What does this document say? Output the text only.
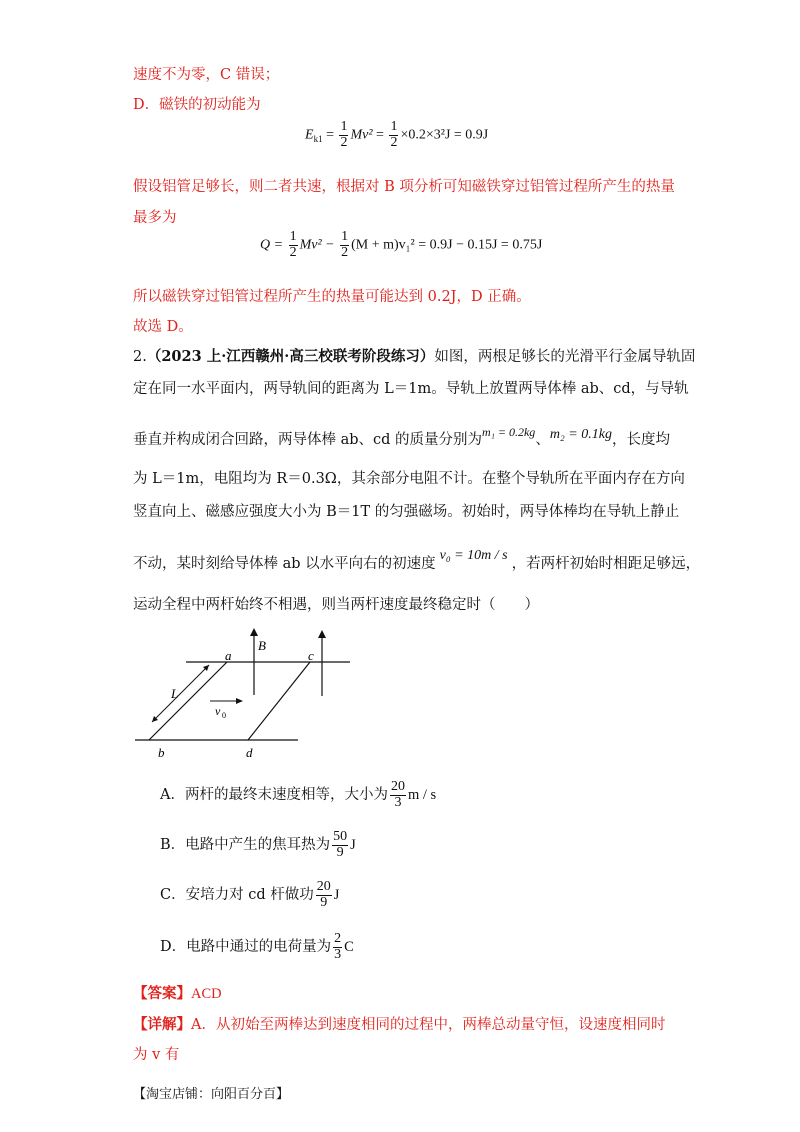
速度不为零，C 错误；
D．磁铁的初动能为
$E_{k1} = \frac{1}{2} Mv^2 = \frac{1}{2} \times 0.2\times 3^2J = 0.9J$
假设铝管足够长，则二者共速，根据对 B 项分析可知磁铁穿过铝管过程所产生的热量
最多为
$Q = \frac{1}{2} Mv^2 - \frac{1}{2} (M + m)v_1^2 = 0.9J - 0.15J = 0.75J$
所以磁铁穿过铝管过程所产生的热量可能达到 0.2J，D 正确。
故选 D。
2.（2023 上·江西赣州·高三校联考阶段练习）如图，两根足够长的光滑平行金属导轨固
定在同一水平面内，两导轨间的距离为 L＝1m。导轨上放置两导体棒 ab、cd，与导轨
垂直并构成闭合回路，两导体棒 ab、cd 的质量分别为$^{m_1 = 0.2kg}$、m₂ = 0.1kg，长度均
为 L＝1m，电阻均为 R＝0.3Ω，其余部分电阻不计。在整个导轨所在平面内存在方向
竖直向上、磁感应强度大小为 B＝1T 的匀强磁场。初始时，两导体棒均在导轨上静止
不动，某时刻给导体棒 ab 以水平向右的初速度v₀ = 10m / s，若两杆初始时相距足够远，
运动全程中两杆始终不相遇，则当两杆速度最终稳定时（　　）
a
b
c
d
B
L
v 0
A．两杆的最终末速度相等，大小为 $\frac{20}{3}$ m / s
B．电路中产生的焦耳热为 $\frac{50}{9}$ J
C．安培力对 cd 杆做功 $\frac{20}{9}$ J
D．电路中通过的电荷量为 $\frac{2}{3}$ C
【答案】ACD
【详解】A．从初始至两棒达到速度相同的过程中，两棒总动量守恒，设速度相同时
为 v 有
【淘宝店铺：向阳百分百】
